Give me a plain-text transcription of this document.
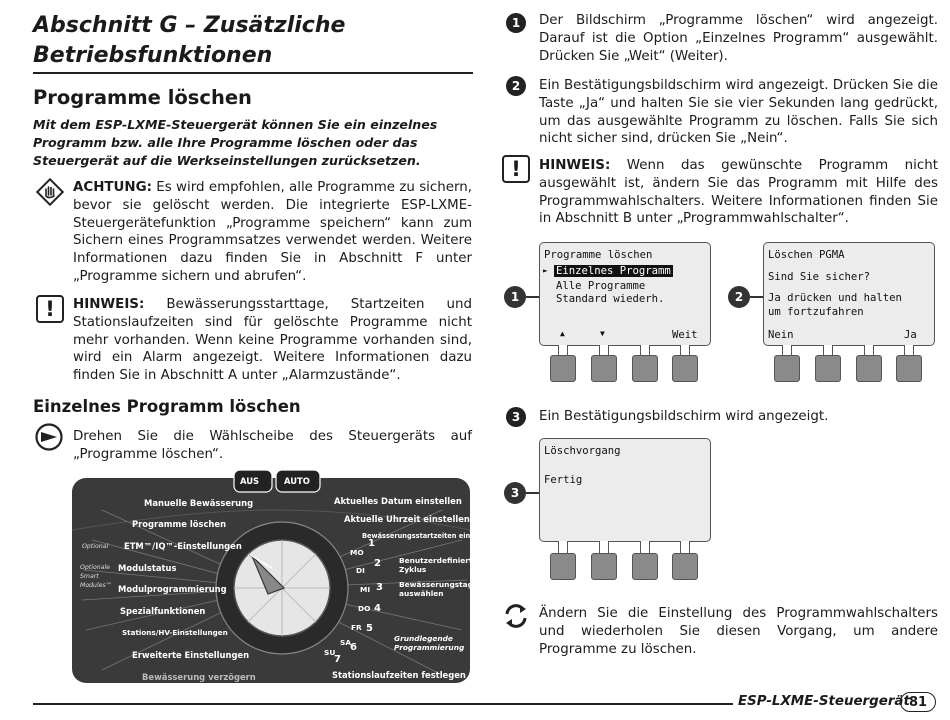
Abschnitt G – Zusätzliche Betriebsfunktionen
Programme löschen
Mit dem ESP-LXME-Steuergerät können Sie ein einzelnes Programm bzw. alle Ihre Programme löschen oder das Steuergerät auf die Werkseinstellungen zurücksetzen.
ACHTUNG: Es wird empfohlen, alle Programme zu sichern, bevor sie gelöscht werden. Die integrierte ESP-LXME-Steuergerätefunktion „Programme speichern“ kann zum Sichern eines Programmsatzes verwendet werden. Weitere Informationen dazu finden Sie in Abschnitt F unter „Programme sichern und abrufen“.
!	HINWEIS: Bewässerungsstarttage, Startzeiten und Stationslaufzeiten sind für gelöschte Programme nicht mehr vorhanden. Wenn keine Programme vorhanden sind, wird ein Alarm angezeigt. Weitere Informationen dazu finden Sie in Abschnitt A unter „Alarmzustände“.
Einzelnes Programm löschen
Drehen Sie die Wählscheibe des Steuergeräts auf „Programme löschen“.
AUS	AUTO
Manuelle Bewässerung
Programme löschen
Optional ETM™/IQ™-Einstellungen
Optionale
Smart
Modules™
Modulstatus
Modulprogrammierung
Spezialfunktionen
Stations/HV-Einstellungen
Erweiterte Einstellungen
Bewässerung verzögern
Aktuelles Datum einstellen
Aktuelle Uhrzeit einstellen
Bewässerungsstartzeiten einstellen
Benutzerdefinierter Zyklus
Bewässerungstage auswählen
Grundlegende Programmierung
Stationslaufzeiten festlegen
MO
1
DI
2
MI 3
DO 4
FR 5
SA
6
SU
7
1	Der Bildschirm „Programme löschen“ wird angezeigt. Darauf ist die Option „Einzelnes Programm“ ausgewählt. Drücken Sie „Weit“ (Weiter).
2	Ein Bestätigungsbildschirm wird angezeigt. Drücken Sie die Taste „Ja“ und halten Sie sie vier Sekunden lang gedrückt, um das ausgewählte Programm zu löschen. Falls Sie sich nicht sicher sind, drücken Sie „Nein“.
!	HINWEIS: Wenn das gewünschte Programm nicht ausgewählt ist, ändern Sie das Programm mit Hilfe des Programmwahlschalters. Weitere Informationen finden Sie in Abschnitt B unter „Programmwahlschalter“.
1
Programme löschen
► Einzelnes Programm
Alle Programme
Standard wiederh.
▲	▼	Weit
2
Löschen PGMA
Sind Sie sicher?
Ja drücken und halten
um fortzufahren
Nein	Ja
3	Ein Bestätigungsbildschirm wird angezeigt.
3
Löschvorgang
Fertig
Ändern Sie die Einstellung des Programmwahlschalters und wiederholen Sie diesen Vorgang, um andere Programme zu löschen.
ESP-LXME-Steuergerät 81
